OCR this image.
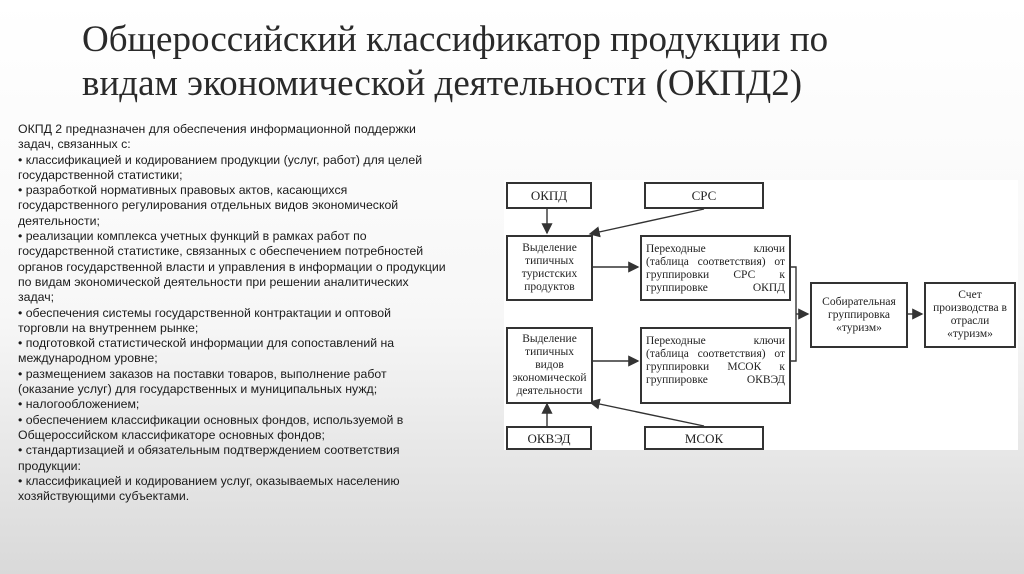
Общероссийский классификатор продукции по
видам экономической деятельности (ОКПД2)
ОКПД 2 предназначен для обеспечения информационной поддержки
задач, связанных с:
• классификацией и кодированием продукции (услуг, работ) для целей
государственной статистики;
• разработкой нормативных правовых актов, касающихся
государственного регулирования отдельных видов экономической
деятельности;
• реализации комплекса учетных функций в рамках работ по
государственной статистике, связанных с обеспечением потребностей
органов государственной власти и управления в информации о продукции
по видам экономической деятельности при решении аналитических
задач;
• обеспечения системы государственной контрактации и оптовой
торговли на внутреннем рынке;
• подготовкой статистической информации для сопоставлений на
международном уровне;
• размещением заказов на поставки товаров, выполнение работ
(оказание услуг) для государственных и муниципальных нужд;
• налогообложением;
• обеспечением классификации основных фондов, используемой в
Общероссийском классификаторе основных фондов;
• стандартизацией и обязательным подтверждением соответствия
продукции:
• классификацией и кодированием услуг, оказываемых населению
хозяйствующими субъектами.
ОКПД	СРС
Выделение типичных туристских продуктов
Переходные ключи (таблица соответствия) от группировки СРС к группировке ОКПД
Собирательная группировка «туризм»
Счет производства в отрасли «туризм»
Выделение типичных видов экономической деятельности
Переходные ключи (таблица соответствия) от группировки МСОК к группировке ОКВЭД
ОКВЭД	МСОК
